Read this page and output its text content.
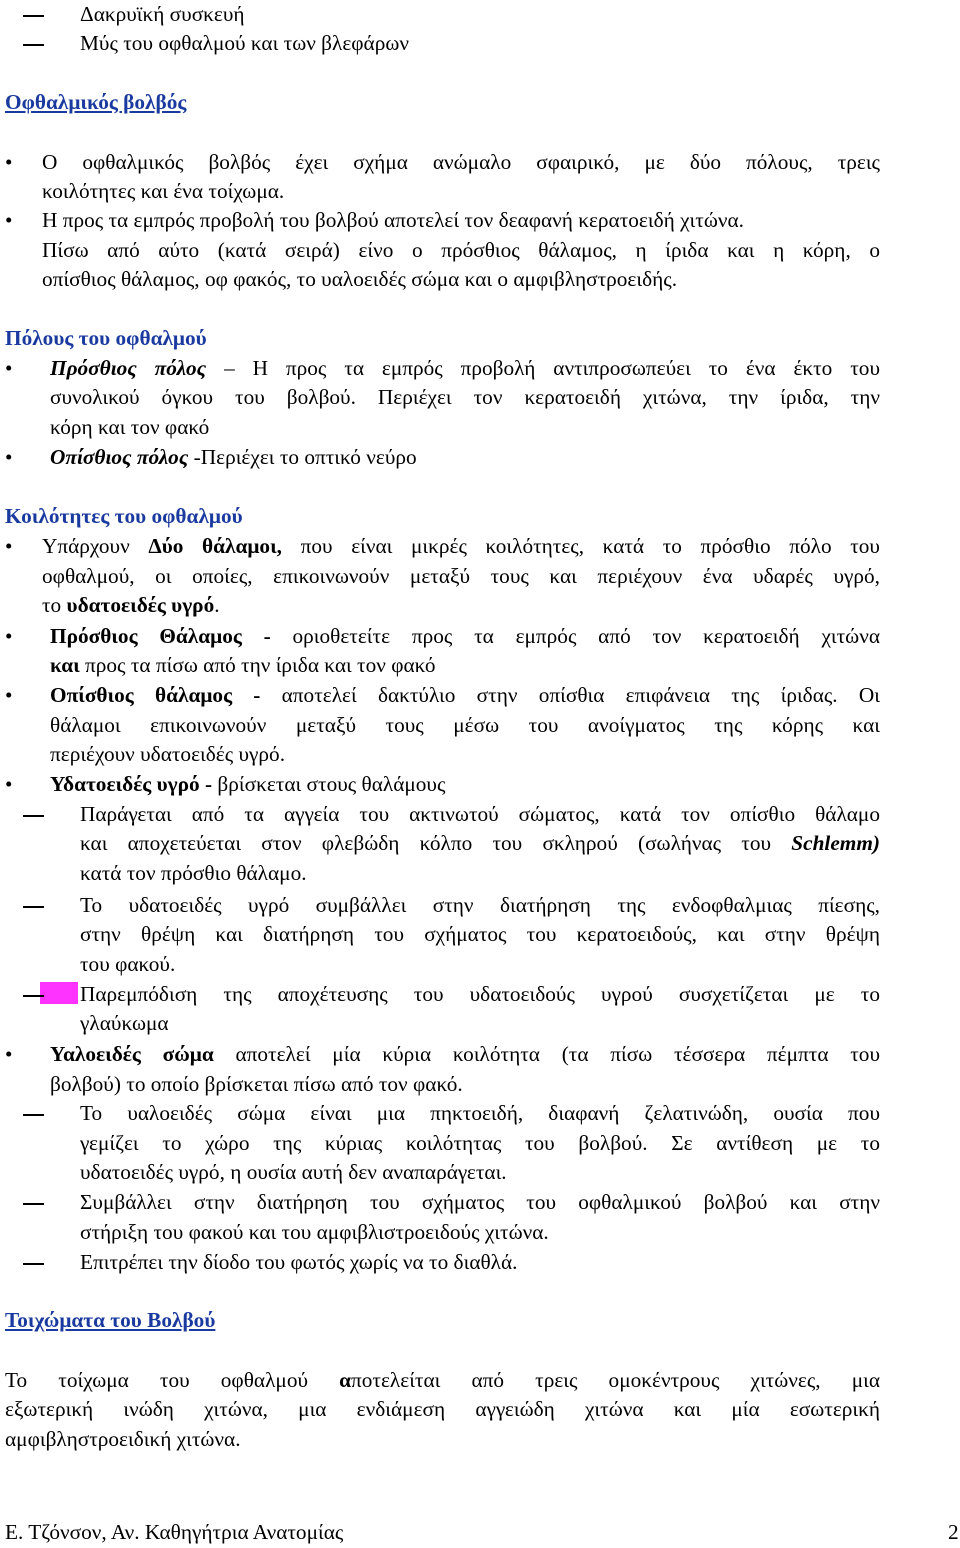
Δακρυϊκή συσκευή
Μύς του οφθαλμού και των βλεφάρων
Οφθαλμικός βολβός
• Ο οφθαλμικός βολβός έχει σχήμα ανώμαλο σφαιρικό, με δύο πόλους, τρεις
κοιλότητες και ένα τοίχωμα.
• Η προς τα εμπρός προβολή του βολβού αποτελεί τον δεαφανή κερατοειδή χιτώνα.
Πίσω από αύτο (κατά σειρά) είνο ο πρόσθιος θάλαμος, η ίριδα και η κόρη, ο
οπίσθιος θάλαμος, οφ φακός, το υαλοειδές σώμα και ο αμφιβληστροειδής.
Πόλους του οφθαλμού
• Πρόσθιος πόλος – Η προς τα εμπρός προβολή αντιπροσωπεύει το ένα έκτο του
συνολικού όγκου του βολβού. Περιέχει τον κερατοειδή χιτώνα, την ίριδα, την
κόρη και τον φακό
• Οπίσθιος πόλος -Περιέχει το οπτικό νεύρο
Κοιλότητες του οφθαλμού
• Υπάρχουν Δύο θάλαμοι, που είναι μικρές κοιλότητες, κατά το πρόσθιο πόλο του
οφθαλμού, οι οποίες, επικοινωνούν μεταξύ τους και περιέχουν ένα υδαρές υγρό,
το υδατοειδές υγρό.
• Πρόσθιος Θάλαμος - οριοθετείτε προς τα εμπρός από τον κερατοειδή χιτώνα
και προς τα πίσω από την ίριδα και τον φακό
• Οπίσθιος θάλαμος - αποτελεί δακτύλιο στην οπίσθια επιφάνεια της ίριδας. Οι
θάλαμοι επικοινωνούν μεταξύ τους μέσω του ανοίγματος της κόρης και
περιέχουν υδατοειδές υγρό.
• Υδατοειδές υγρό - βρίσκεται στους θαλάμους
Παράγεται από τα αγγεία του ακτινωτού σώματος, κατά τον οπίσθιο θάλαμο
και αποχετεύεται στον φλεβώδη κόλπο του σκληρού (σωλήνας του Schlemm)
κατά τον πρόσθιο θάλαμο.
Το υδατοειδές υγρό συμβάλλει στην διατήρηση της ενδοφθαλμιας πίεσης,
στην θρέψη και διατήρηση του σχήματος του κερατοειδούς, και στην θρέψη
του φακού.
Παρεμπόδιση της αποχέτευσης του υδατοειδούς υγρού συσχετίζεται με το
γλαύκωμα
• Υαλοειδές σώμα αποτελεί μία κύρια κοιλότητα (τα πίσω τέσσερα πέμπτα του
βολβού) το οποίο βρίσκεται πίσω από τον φακό.
Το υαλοειδές σώμα είναι μια πηκτοειδή, διαφανή ζελατινώδη, ουσία που
γεμίζει το χώρο της κύριας κοιλότητας του βολβού. Σε αντίθεση με το
υδατοειδές υγρό, η ουσία αυτή δεν αναπαράγεται.
Συμβάλλει στην διατήρηση του σχήματος του οφθαλμικού βολβού και στην
στήριξη του φακού και του αμφιβλιστροειδούς χιτώνα.
Επιτρέπει την δίοδο του φωτός χωρίς να το διαθλά.
Τοιχώματα του Βολβού
Το τοίχωμα του οφθαλμού αποτελείται από τρεις ομοκέντρους χιτώνες, μια
εξωτερική ινώδη χιτώνα, μια ενδιάμεση αγγειώδη χιτώνα και μία εσωτερική
αμφιβληστροειδική χιτώνα.
Ε. Τζόνσον, Αν. Καθηγήτρια Ανατομίας	2
